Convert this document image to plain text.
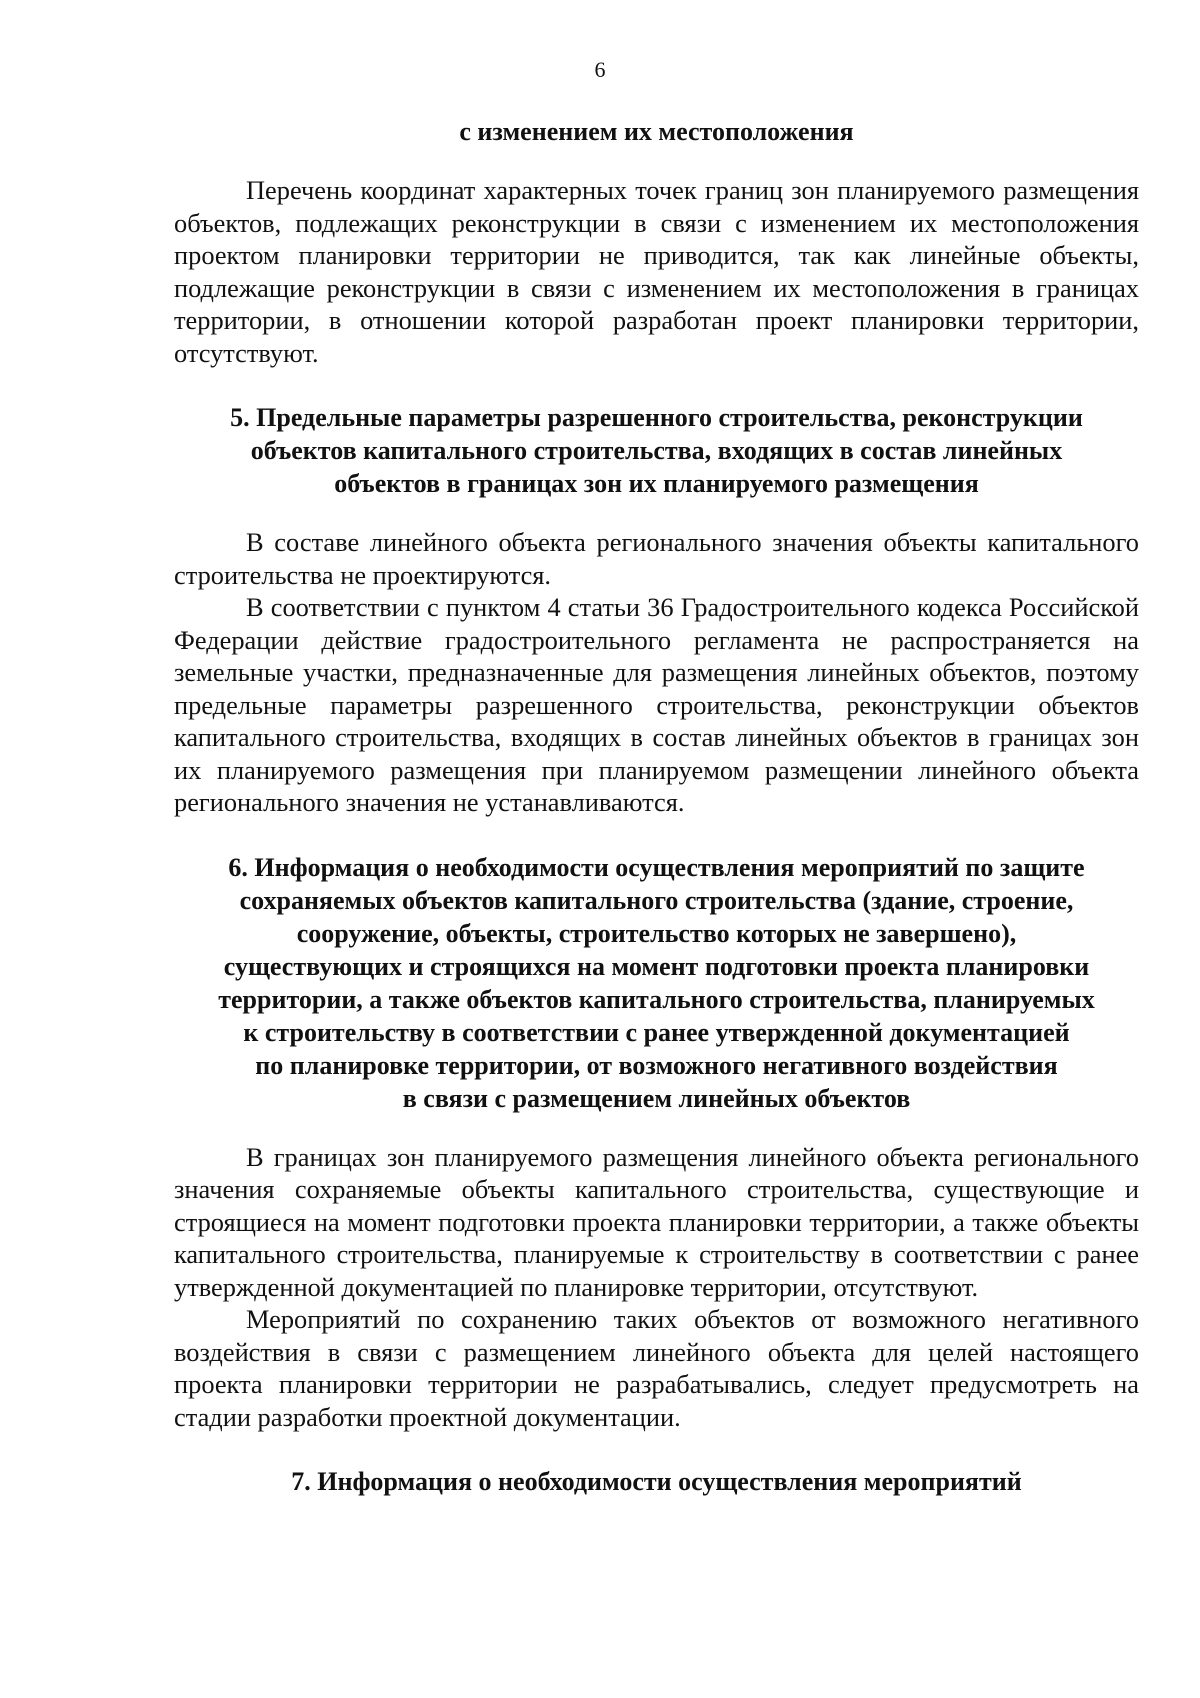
6

с изменением их местоположения

Перечень координат характерных точек границ зон планируемого размещения объектов, подлежащих реконструкции в связи с изменением их местоположения проектом планировки территории не приводится, так как линейные объекты, подлежащие реконструкции в связи с изменением их местоположения в границах территории, в отношении которой разработан проект планировки территории, отсутствуют.

5. Предельные параметры разрешенного строительства, реконструкции
объектов капитального строительства, входящих в состав линейных
объектов в границах зон их планируемого размещения

В составе линейного объекта регионального значения объекты капитального строительства не проектируются.

В соответствии с пунктом 4 статьи 36 Градостроительного кодекса Российской Федерации действие градостроительного регламента не распространяется на земельные участки, предназначенные для размещения линейных объектов, поэтому предельные параметры разрешенного строительства, реконструкции объектов капитального строительства, входящих в состав линейных объектов в границах зон их планируемого размещения при планируемом размещении линейного объекта регионального значения не устанавливаются.

6. Информация о необходимости осуществления мероприятий по защите
сохраняемых объектов капитального строительства (здание, строение,
сооружение, объекты, строительство которых не завершено),
существующих и строящихся на момент подготовки проекта планировки
территории, а также объектов капитального строительства, планируемых
к строительству в соответствии с ранее утвержденной документацией
по планировке территории, от возможного негативного воздействия
в связи с размещением линейных объектов

В границах зон планируемого размещения линейного объекта регионального значения сохраняемые объекты капитального строительства, существующие и строящиеся на момент подготовки проекта планировки территории, а также объекты капитального строительства, планируемые к строительству в соответствии с ранее утвержденной документацией по планировке территории, отсутствуют.

Мероприятий по сохранению таких объектов от возможного негативного воздействия в связи с размещением линейного объекта для целей настоящего проекта планировки территории не разрабатывались, следует предусмотреть на стадии разработки проектной документации.

7. Информация о необходимости осуществления мероприятий
